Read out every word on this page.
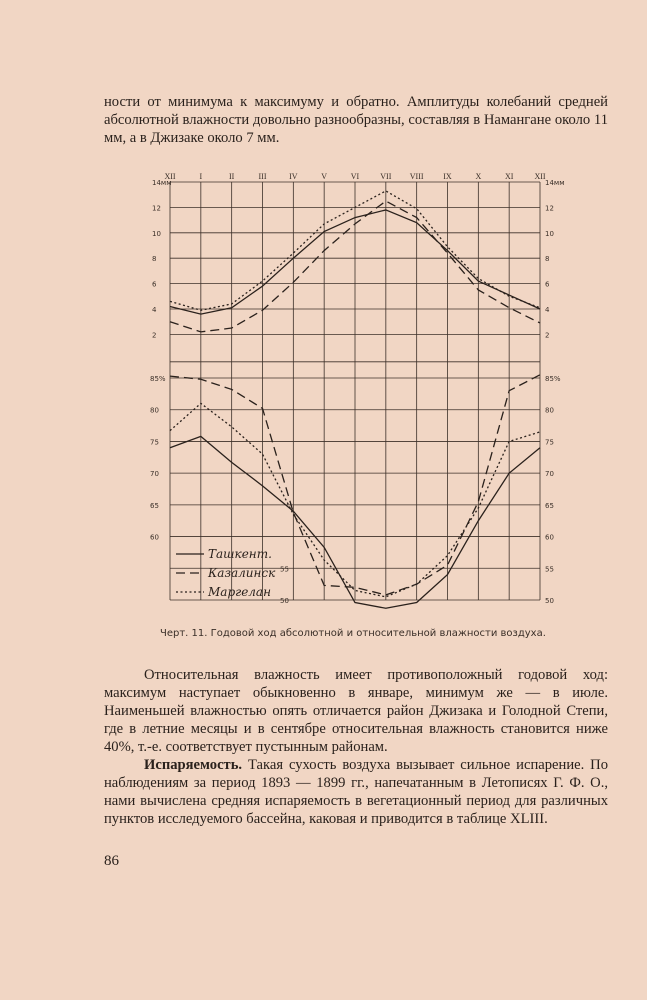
ности от минимума к максимуму и обратно. Амплитуды колебаний средней абсолютной влажности довольно разнообразны, составляя в Намангане около 11 мм, а в Джизаке около 7 мм.

XII	I	II	III	IV	V	VI	VII VIII IX	X	XI	XII
14мм
12
10
8
6
4
2
85%
80
75
70
65
60
55
50
14мм
12
10
8
6
4
2
85%
80
75
70
65
60
55
50
Ташкент.
Казалинск
Маргелан
Черт. 11. Годовой ход абсолютной и относительной влажности воздуха.

Относительная влажность имеет противоположный годовой ход: максимум наступает обыкновенно в январе, минимум же — в июле. Наименьшей влажностью опять отличается район Джизака и Голодной Степи, где в летние месяцы и в сентябре относительная влажность становится ниже 40%, т.-е. соответствует пустынным районам.

Испаряемость. Такая сухость воздуха вызывает сильное испарение. По наблюдениям за период 1893 — 1899 гг., напечатанным в Летописях Г. Ф. О., нами вычислена средняя испаряемость в вегетационный период для различных пунктов исследуемого бассейна, каковая и приводится в таблице XLIII.

86
